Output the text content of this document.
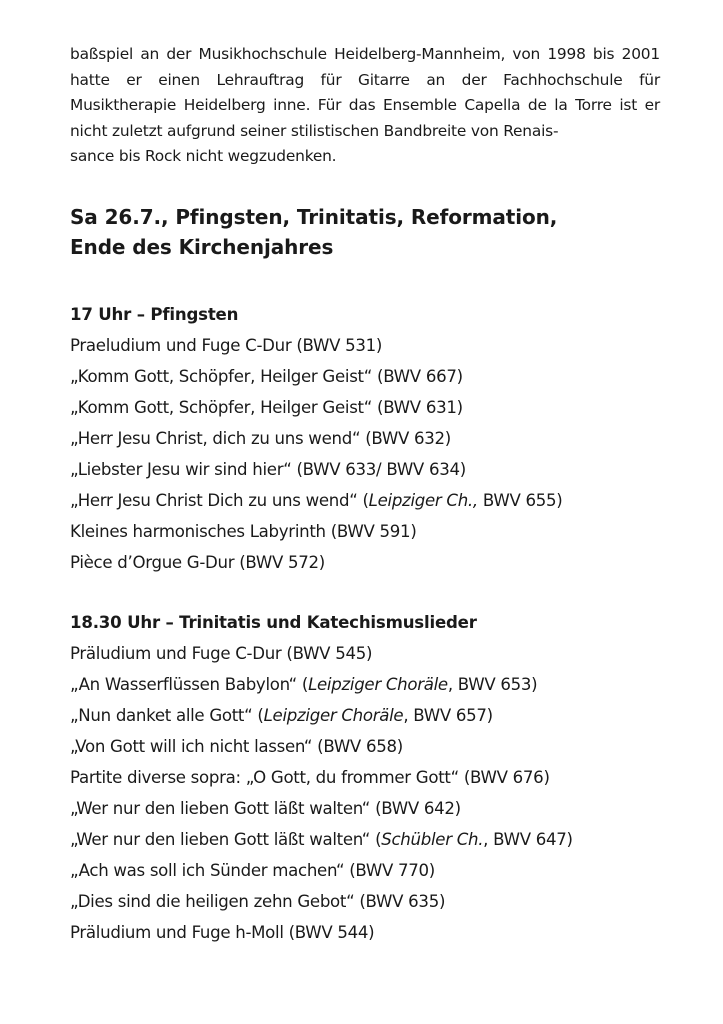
baßspiel an der Musikhochschule Heidelberg-Mannheim, von 1998 bis 2001 hatte er einen Lehrauftrag für Gitarre an der Fachhochschule für Musiktherapie Heidelberg inne. Für das Ensemble Capella de la Torre ist er nicht zuletzt aufgrund seiner stilistischen Bandbreite von Renais-
sance bis Rock nicht wegzudenken.

Sa 26.7., Pfingsten, Trinitatis, Reformation,
Ende des Kirchenjahres
17 Uhr – Pfingsten
Praeludium und Fuge C-Dur (BWV 531)
„Komm Gott, Schöpfer, Heilger Geist“ (BWV 667)
„Komm Gott, Schöpfer, Heilger Geist“ (BWV 631)
„Herr Jesu Christ, dich zu uns wend“ (BWV 632)
„Liebster Jesu wir sind hier“ (BWV 633/ BWV 634)
„Herr Jesu Christ Dich zu uns wend“ (Leipziger Ch., BWV 655)
Kleines harmonisches Labyrinth (BWV 591)
Pièce d’Orgue G-Dur (BWV 572)
18.30 Uhr – Trinitatis und Katechismuslieder
Präludium und Fuge C-Dur (BWV 545)
„An Wasserflüssen Babylon“ (Leipziger Choräle, BWV 653)
„Nun danket alle Gott“ (Leipziger Choräle, BWV 657)
„Von Gott will ich nicht lassen“ (BWV 658)
Partite diverse sopra: „O Gott, du frommer Gott“ (BWV 676)
„Wer nur den lieben Gott läßt walten“ (BWV 642)
„Wer nur den lieben Gott läßt walten“ (Schübler Ch., BWV 647)
„Ach was soll ich Sünder machen“ (BWV 770)
„Dies sind die heiligen zehn Gebot“ (BWV 635)
Präludium und Fuge h-Moll (BWV 544)
